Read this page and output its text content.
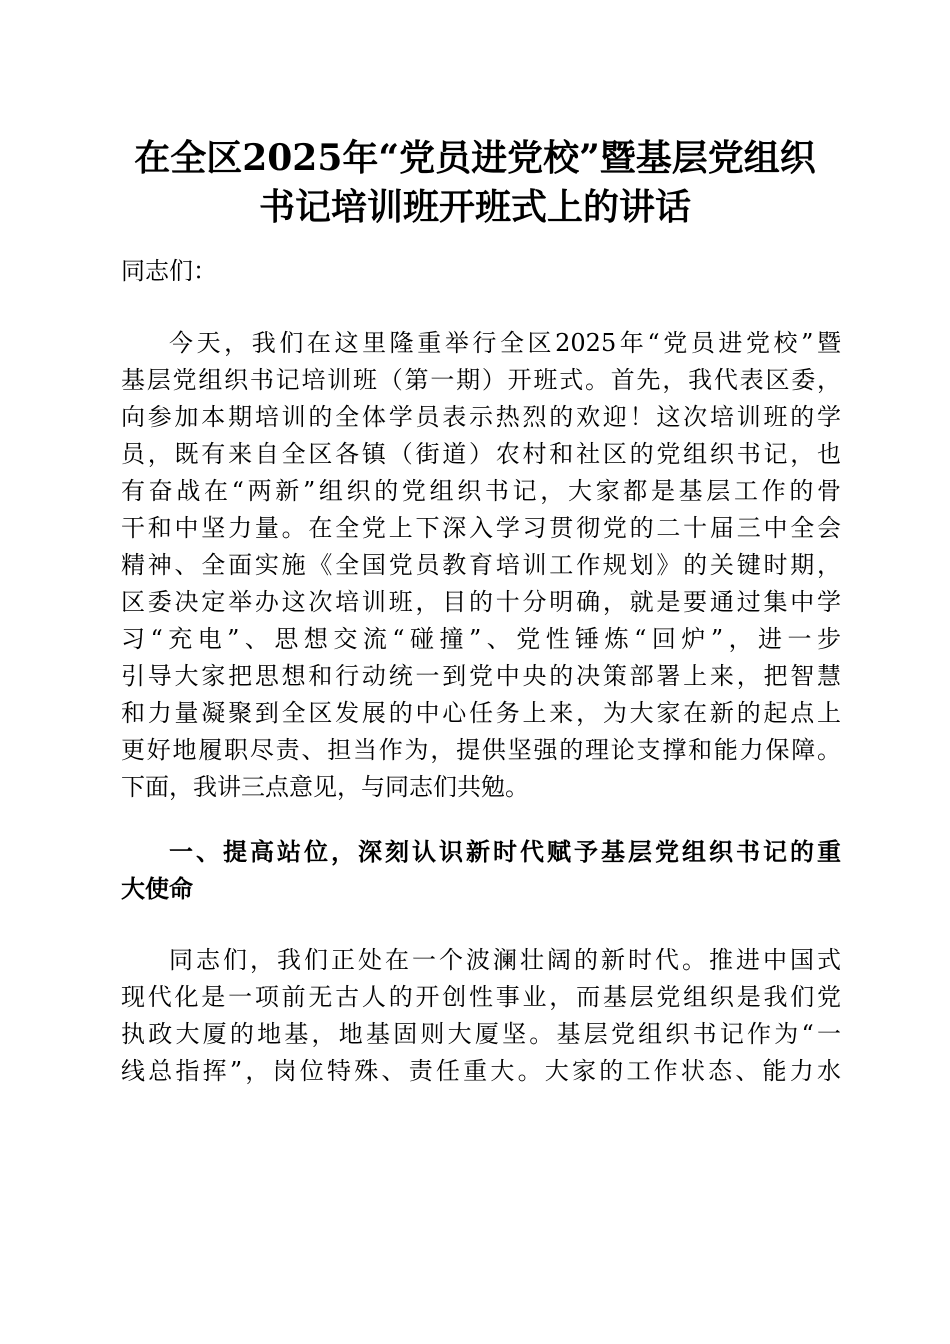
在全区2025年“党员进党校”暨基层党组织
书记培训班开班式上的讲话
同志们：
今天，我们在这里隆重举行全区2025年“党员进党校”暨
基层党组织书记培训班（第一期）开班式。首先，我代表区委，
向参加本期培训的全体学员表示热烈的欢迎！这次培训班的学
员，既有来自全区各镇（街道）农村和社区的党组织书记，也
有奋战在“两新”组织的党组织书记，大家都是基层工作的骨
干和中坚力量。在全党上下深入学习贯彻党的二十届三中全会
精神、全面实施《全国党员教育培训工作规划》的关键时期，
区委决定举办这次培训班，目的十分明确，就是要通过集中学
习“充电”、思想交流“碰撞”、党性锤炼“回炉”，进一步
引导大家把思想和行动统一到党中央的决策部署上来，把智慧
和力量凝聚到全区发展的中心任务上来，为大家在新的起点上
更好地履职尽责、担当作为，提供坚强的理论支撑和能力保障。
下面，我讲三点意见，与同志们共勉。
一、提高站位，深刻认识新时代赋予基层党组织书记的重
大使命
同志们，我们正处在一个波澜壮阔的新时代。推进中国式
现代化是一项前无古人的开创性事业，而基层党组织是我们党
执政大厦的地基，地基固则大厦坚。基层党组织书记作为“一
线总指挥”，岗位特殊、责任重大。大家的工作状态、能力水
